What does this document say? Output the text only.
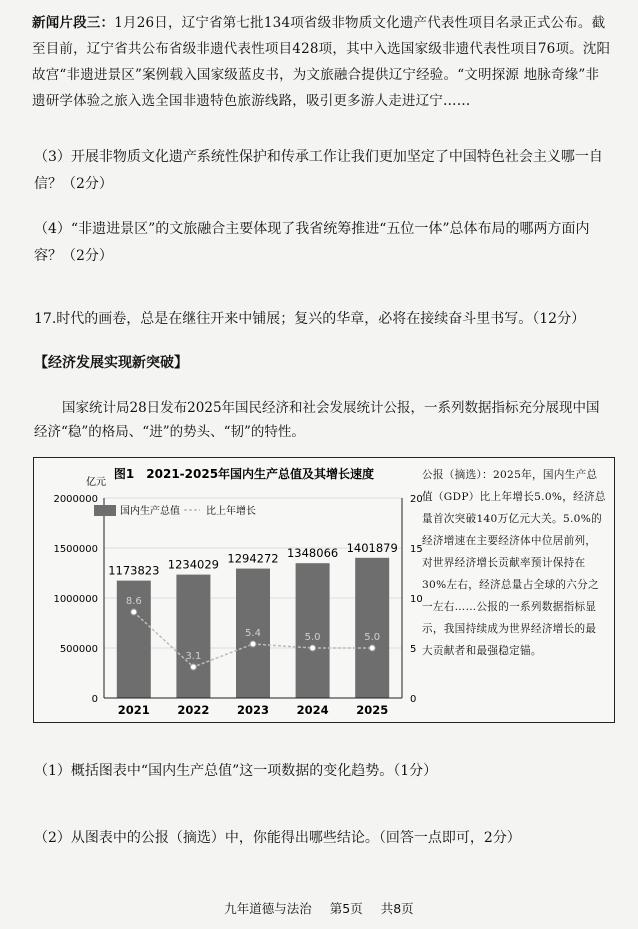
新闻片段三：1月26日，辽宁省第七批134项省级非物质文化遗产代表性项目名录正式公布。截至目前，辽宁省共公布省级非遗代表性项目428项，其中入选国家级非遗代表性项目76项。沈阳故宫“非遗进景区”案例载入国家级蓝皮书，为文旅融合提供辽宁经验。“文明探源 地脉奇缘”非遗研学体验之旅入选全国非遗特色旅游线路，吸引更多游人走进辽宁……
（3）开展非物质文化遗产系统性保护和传承工作让我们更加坚定了中国特色社会主义哪一自信？（2分）
（4）“非遗进景区”的文旅融合主要体现了我省统筹推进“五位一体”总体布局的哪两方面内容？（2分）
17.时代的画卷，总是在继往开来中铺展；复兴的华章，必将在接续奋斗里书写。（12分）
【经济发展实现新突破】
国家统计局28日发布2025年国民经济和社会发展统计公报，一系列数据指标充分展现中国经济“稳”的格局、“进”的势头、“韧”的特性。
亿元
图1　2021-2025年国内生产总值及其增长速度
0
500000
1000000
1500000
2000000
0
5
10
15
20
1173823 1234029 1294272 1348066 1401879
8.6
3.1
5.4	5.0	5.0
2021 2022 2023 2024 2025
国内生产总值	比上年增长
公报（摘选）：2025年，国内生产总值（GDP）比上年增长5.0%，经济总量首次突破140万亿元大关。5.0%的经济增速在主要经济体中位居前列，对世界经济增长贡献率预计保持在30%左右，经济总量占全球的六分之一左右……公报的一系列数据指标显示，我国持续成为世界经济增长的最大贡献者和最强稳定锚。
（1）概括图表中“国内生产总值”这一项数据的变化趋势。（1分）
（2）从图表中的公报（摘选）中，你能得出哪些结论。（回答一点即可，2分）
九年道德与法治 第5页 共8页
